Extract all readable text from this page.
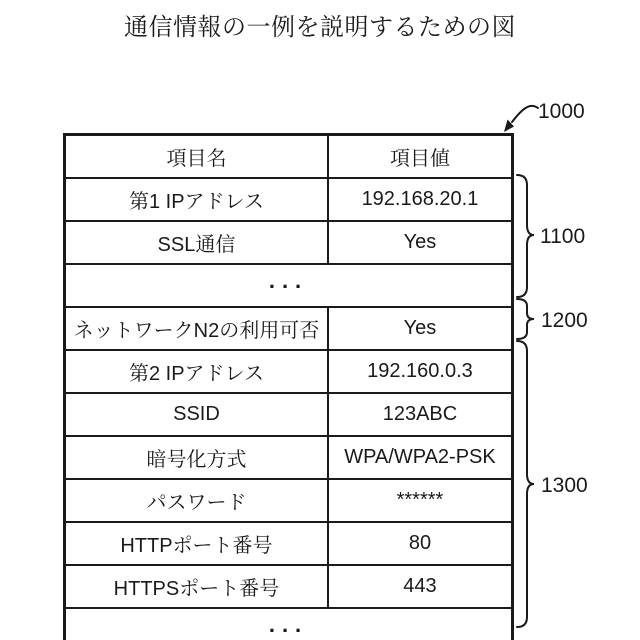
通信情報の一例を説明するための図
項目名	項目値
第1 IPアドレス	192.168.20.1
SSL通信	Yes
...	
ネットワークN2の利用可否	Yes
第2 IPアドレス	192.160.0.3
SSID	123ABC
暗号化方式	WPA/WPA2-PSK
パスワード	******
HTTPポート番号	80
HTTPSポート番号	443
...	
1000
1100
1200
1300
